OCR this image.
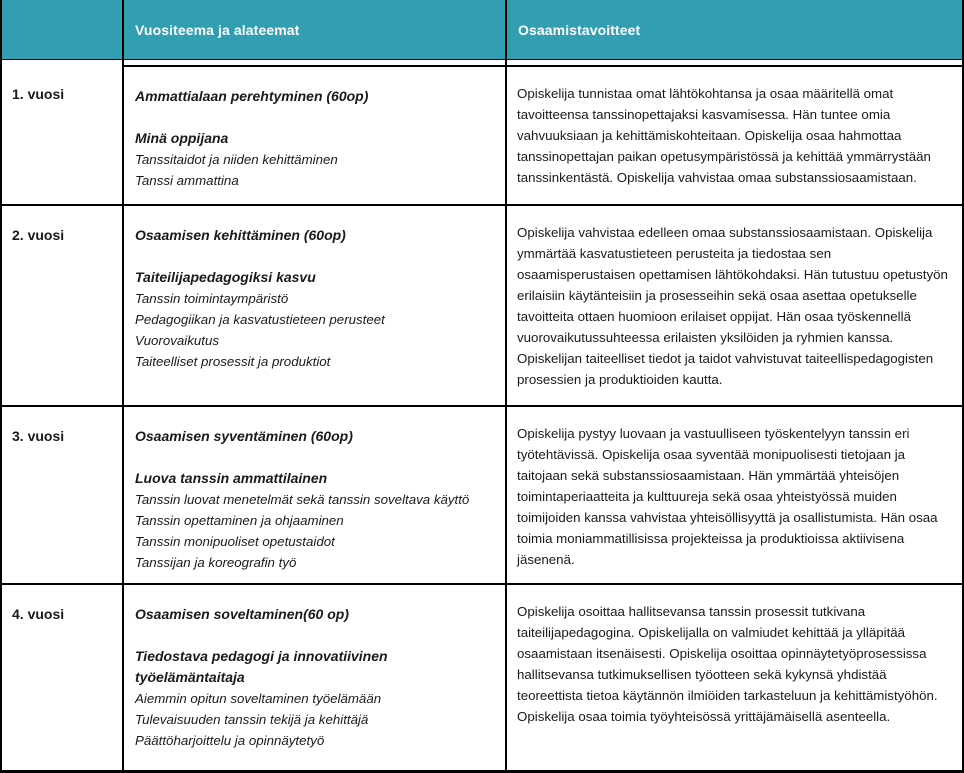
Vuositeema ja alateemat	Osaamistavoitteet
1. vuosi	Ammattialaan perehtyminen (60op)
Minä oppijana
Tanssitaidot ja niiden kehittäminen
Tanssi ammattina

Opiskelija tunnistaa omat lähtökohtansa ja osaa määritellä omat tavoitteensa tanssinopettajaksi kasvamisessa. Hän tuntee omia vahvuuksiaan ja kehittämiskohteitaan. Opiskelija osaa hahmottaa tanssinopettajan paikan opetusympäristössä ja kehittää ymmärrystään tanssinkentästä. Opiskelija vahvistaa omaa substanssiosaamistaan.

2. vuosi	Osaamisen kehittäminen (60op)
Taiteilijapedagogiksi kasvu
Tanssin toimintaympäristö
Pedagogiikan ja kasvatustieteen perusteet
Vuorovaikutus
Taiteelliset prosessit ja produktiot

Opiskelija vahvistaa edelleen omaa substanssiosaamistaan. Opiskelija ymmärtää kasvatustieteen perusteita ja tiedostaa sen osaamisperustaisen opettamisen lähtökohdaksi. Hän tutustuu opetustyön erilaisiin käytänteisiin ja prosesseihin sekä osaa asettaa opetukselle tavoitteita ottaen huomioon erilaiset oppijat. Hän osaa työskennellä vuorovaikutussuhteessa erilaisten yksilöiden ja ryhmien kanssa. Opiskelijan taiteelliset tiedot ja taidot vahvistuvat taiteellispedagogisten prosessien ja produktioiden kautta.

3. vuosi	Osaamisen syventäminen (60op)
Luova tanssin ammattilainen
Tanssin luovat menetelmät sekä tanssin soveltava käyttö
Tanssin opettaminen ja ohjaaminen
Tanssin monipuoliset opetustaidot
Tanssijan ja koreografin työ

Opiskelija pystyy luovaan ja vastuulliseen työskentelyyn tanssin eri työtehtävissä. Opiskelija osaa syventää monipuolisesti tietojaan ja taitojaan sekä substanssiosaamistaan. Hän ymmärtää yhteisöjen toimintaperiaatteita ja kulttuureja sekä osaa yhteistyössä muiden toimijoiden kanssa vahvistaa yhteisöllisyyttä ja osallistumista. Hän osaa toimia moniammatillisissa projekteissa ja produktioissa aktiivisena jäsenenä.

4. vuosi	Osaamisen soveltaminen(60 op)
Tiedostava pedagogi ja innovatiivinen työelämäntaitaja
Aiemmin opitun soveltaminen työelämään
Tulevaisuuden tanssin tekijä ja kehittäjä
Päättöharjoittelu ja opinnäytetyö

Opiskelija osoittaa hallitsevansa tanssin prosessit tutkivana taiteilijapedagogina. Opiskelijalla on valmiudet kehittää ja ylläpitää osaamistaan itsenäisesti. Opiskelija osoittaa opinnäytetyöprosessissa hallitsevansa tutkimuksellisen työotteen sekä kykynsä yhdistää teoreettista tietoa käytännön ilmiöiden tarkasteluun ja kehittämistyöhön. Opiskelija osaa toimia työyhteisössä yrittäjämäisellä asenteella.
